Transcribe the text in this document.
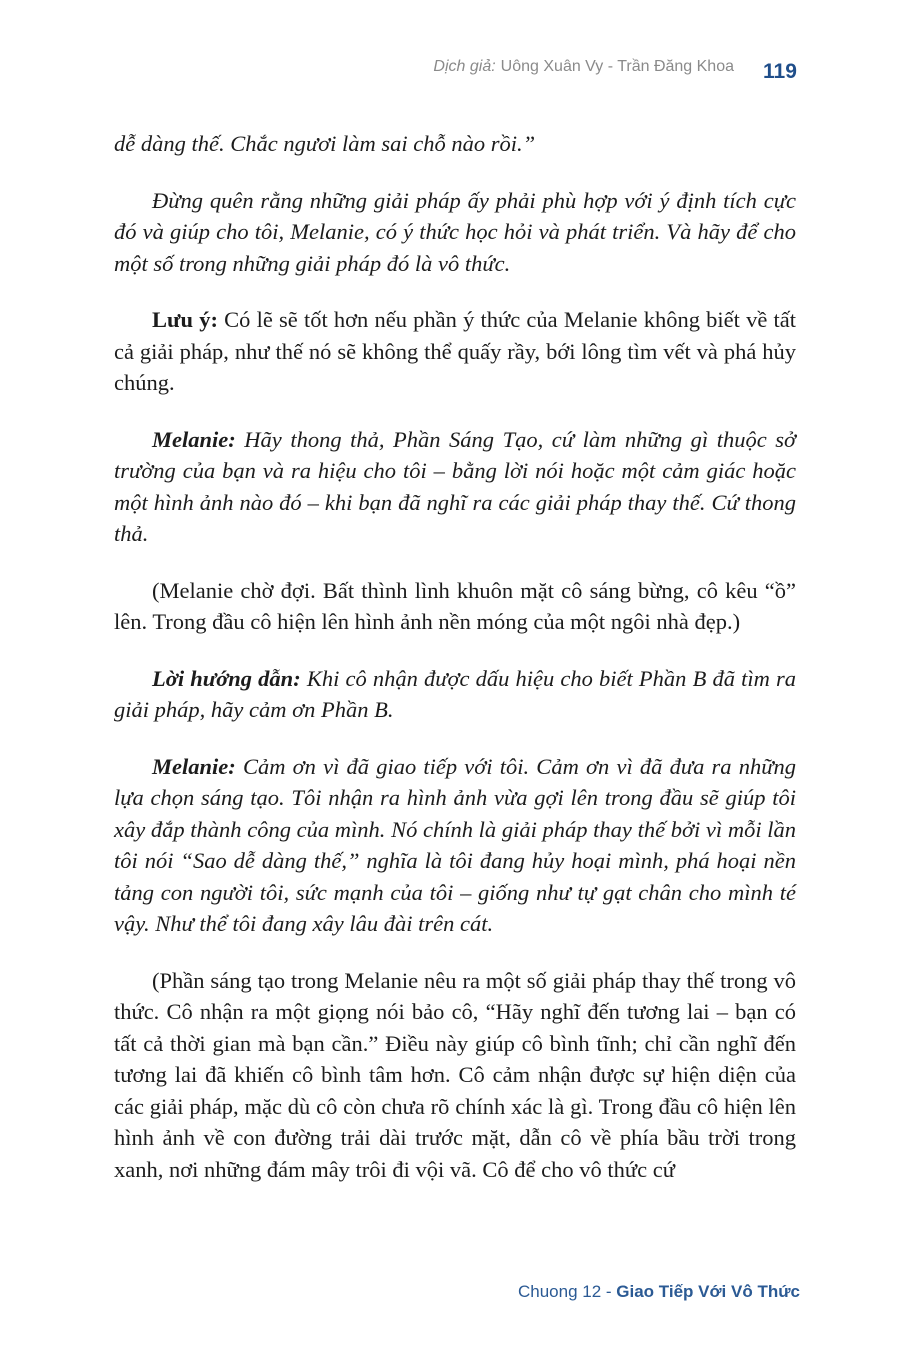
Dịch giả: Uông Xuân Vy - Trần Đăng Khoa 119

dễ dàng thế. Chắc ngươi làm sai chỗ nào rồi.”

Đừng quên rằng những giải pháp ấy phải phù hợp với ý định tích cực đó và giúp cho tôi, Melanie, có ý thức học hỏi và phát triển. Và hãy để cho một số trong những giải pháp đó là vô thức.

Lưu ý: Có lẽ sẽ tốt hơn nếu phần ý thức của Melanie không biết về tất cả giải pháp, như thế nó sẽ không thể quấy rầy, bới lông tìm vết và phá hủy chúng.

Melanie: Hãy thong thả, Phần Sáng Tạo, cứ làm những gì thuộc sở trường của bạn và ra hiệu cho tôi – bằng lời nói hoặc một cảm giác hoặc một hình ảnh nào đó – khi bạn đã nghĩ ra các giải pháp thay thế. Cứ thong thả.

(Melanie chờ đợi. Bất thình lình khuôn mặt cô sáng bừng, cô kêu “ồ” lên. Trong đầu cô hiện lên hình ảnh nền móng của một ngôi nhà đẹp.)

Lời hướng dẫn: Khi cô nhận được dấu hiệu cho biết Phần B đã tìm ra giải pháp, hãy cảm ơn Phần B.

Melanie: Cảm ơn vì đã giao tiếp với tôi. Cảm ơn vì đã đưa ra những lựa chọn sáng tạo. Tôi nhận ra hình ảnh vừa gợi lên trong đầu sẽ giúp tôi xây đắp thành công của mình. Nó chính là giải pháp thay thế bởi vì mỗi lần tôi nói “Sao dễ dàng thế,” nghĩa là tôi đang hủy hoại mình, phá hoại nền tảng con người tôi, sức mạnh của tôi – giống như tự gạt chân cho mình té vậy. Như thể tôi đang xây lâu đài trên cát.

(Phần sáng tạo trong Melanie nêu ra một số giải pháp thay thế trong vô thức. Cô nhận ra một giọng nói bảo cô, “Hãy nghĩ đến tương lai – bạn có tất cả thời gian mà bạn cần.” Điều này giúp cô bình tĩnh; chỉ cần nghĩ đến tương lai đã khiến cô bình tâm hơn. Cô cảm nhận được sự hiện diện của các giải pháp, mặc dù cô còn chưa rõ chính xác là gì. Trong đầu cô hiện lên hình ảnh về con đường trải dài trước mặt, dẫn cô về phía bầu trời trong xanh, nơi những đám mây trôi đi vội vã. Cô để cho vô thức cứ

Chuong 12 - Giao Tiếp Với Vô Thức
